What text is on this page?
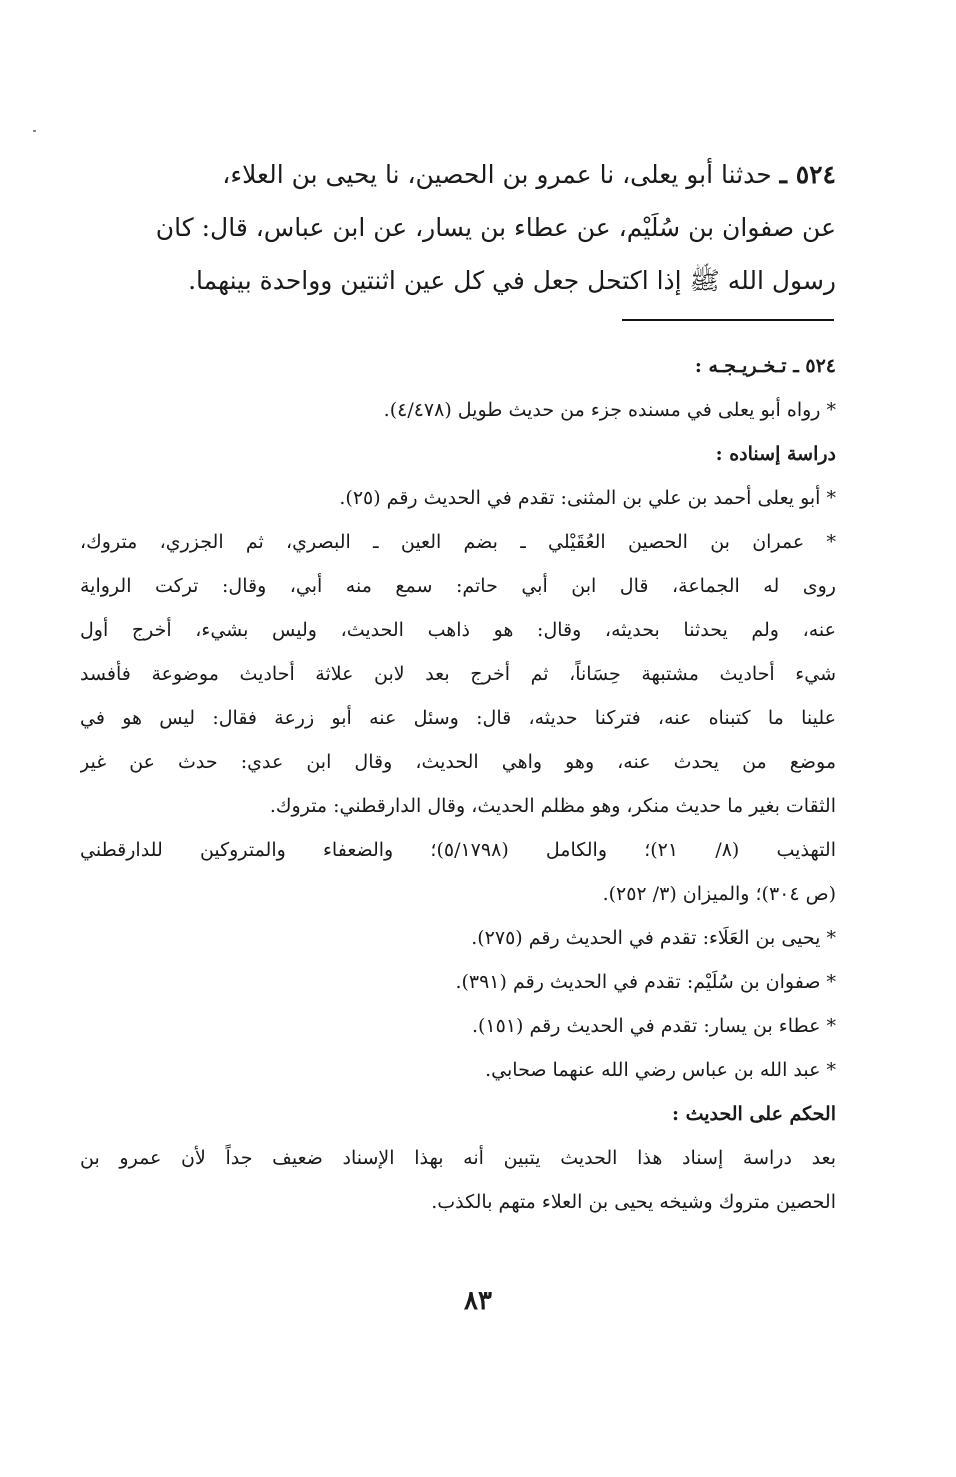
٥٢٤ ـ حدثنا أبو يعلى، نا عمرو بن الحصين، نا يحيى بن العلاء،
عن صفوان بن سُلَيْم، عن عطاء بن يسار، عن ابن عباس، قال: كان
رسول الله ﷺ إذا اكتحل جعل في كل عين اثنتين وواحدة بينهما.
٥٢٤ ـ تـخـريـجـه :
* رواه أبو يعلى في مسنده جزء من حديث طويل (٤/٤٧٨).
دراسة إسناده :
* أبو يعلى أحمد بن علي بن المثنى: تقدم في الحديث رقم (٢٥).
* عمران بن الحصين العُقَيْلي ـ بضم العين ـ البصري، ثم الجزري، متروك،
روى له الجماعة، قال ابن أبي حاتم: سمع منه أبي، وقال: تركت الرواية
عنه، ولم يحدثنا بحديثه، وقال: هو ذاهب الحديث، وليس بشيء، أخرج أول
شيء أحاديث مشتبهة حِسَاناً، ثم أخرج بعد لابن علاثة أحاديث موضوعة فأفسد
علينا ما كتبناه عنه، فتركنا حديثه، قال: وسئل عنه أبو زرعة فقال: ليس هو في
موضع من يحدث عنه، وهو واهي الحديث، وقال ابن عدي: حدث عن غير
الثقات بغير ما حديث منكر، وهو مظلم الحديث، وقال الدارقطني: متروك.
التهذيب (٨/ ٢١)؛ والكامل (٥/١٧٩٨)؛ والضعفاء والمتروكين للدارقطني
(ص ٣٠٤)؛ والميزان (٣/ ٢٥٢).
* يحيى بن العَلَاء: تقدم في الحديث رقم (٢٧٥).
* صفوان بن سُلَيْم: تقدم في الحديث رقم (٣٩١).
* عطاء بن يسار: تقدم في الحديث رقم (١٥١).
* عبد الله بن عباس رضي الله عنهما صحابي.
الحكم على الحديث :
بعد دراسة إسناد هذا الحديث يتبين أنه بهذا الإسناد ضعيف جداً لأن عمرو بن
الحصين متروك وشيخه يحيى بن العلاء متهم بالكذب.
٨٣
